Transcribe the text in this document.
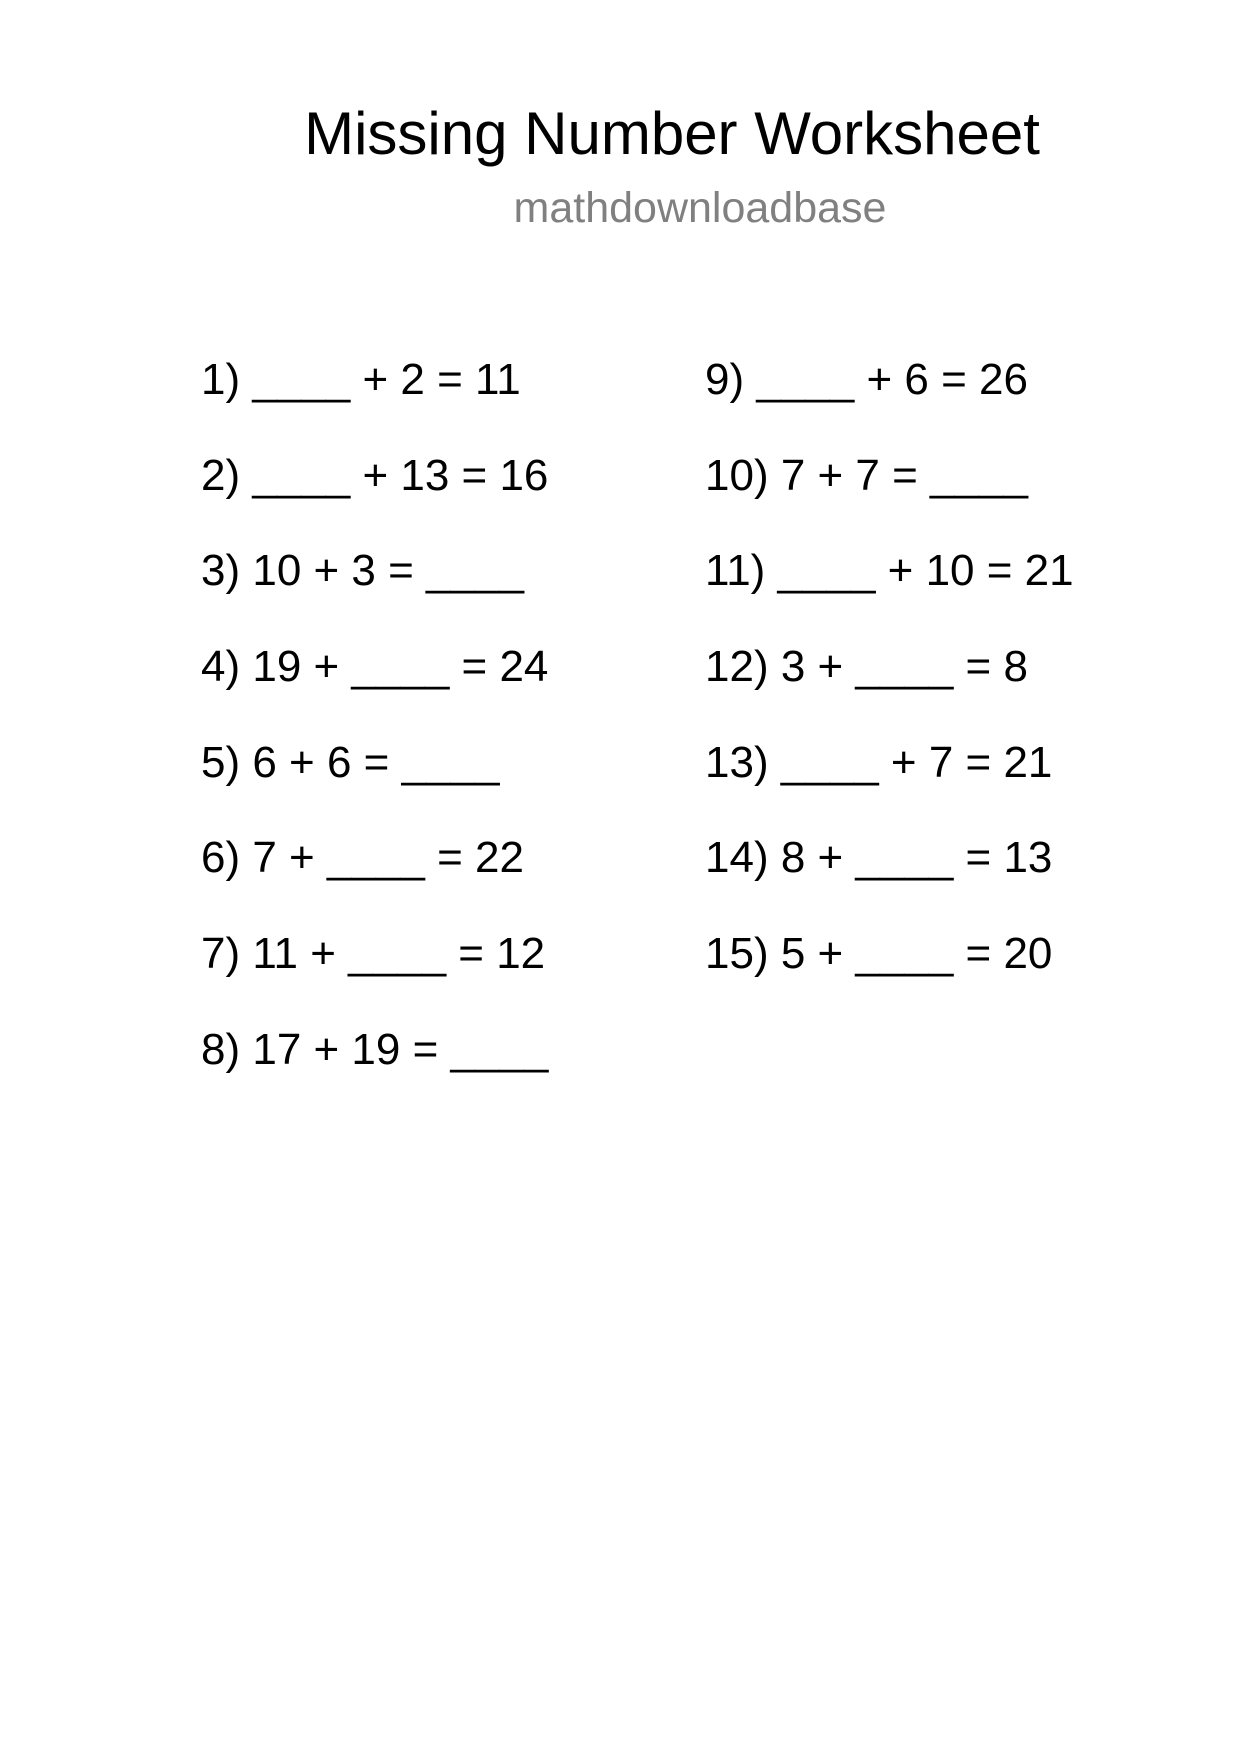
Missing Number Worksheet
mathdownloadbase
1) ____ + 2 = 11
2) ____ + 13 = 16
3) 10 + 3 = ____
4) 19 + ____ = 24
5) 6 + 6 = ____
6) 7 + ____ = 22
7) 11 + ____ = 12
8) 17 + 19 = ____
9) ____ + 6 = 26
10) 7 + 7 = ____
11) ____ + 10 = 21
12) 3 + ____ = 8
13) ____ + 7 = 21
14) 8 + ____ = 13
15) 5 + ____ = 20
